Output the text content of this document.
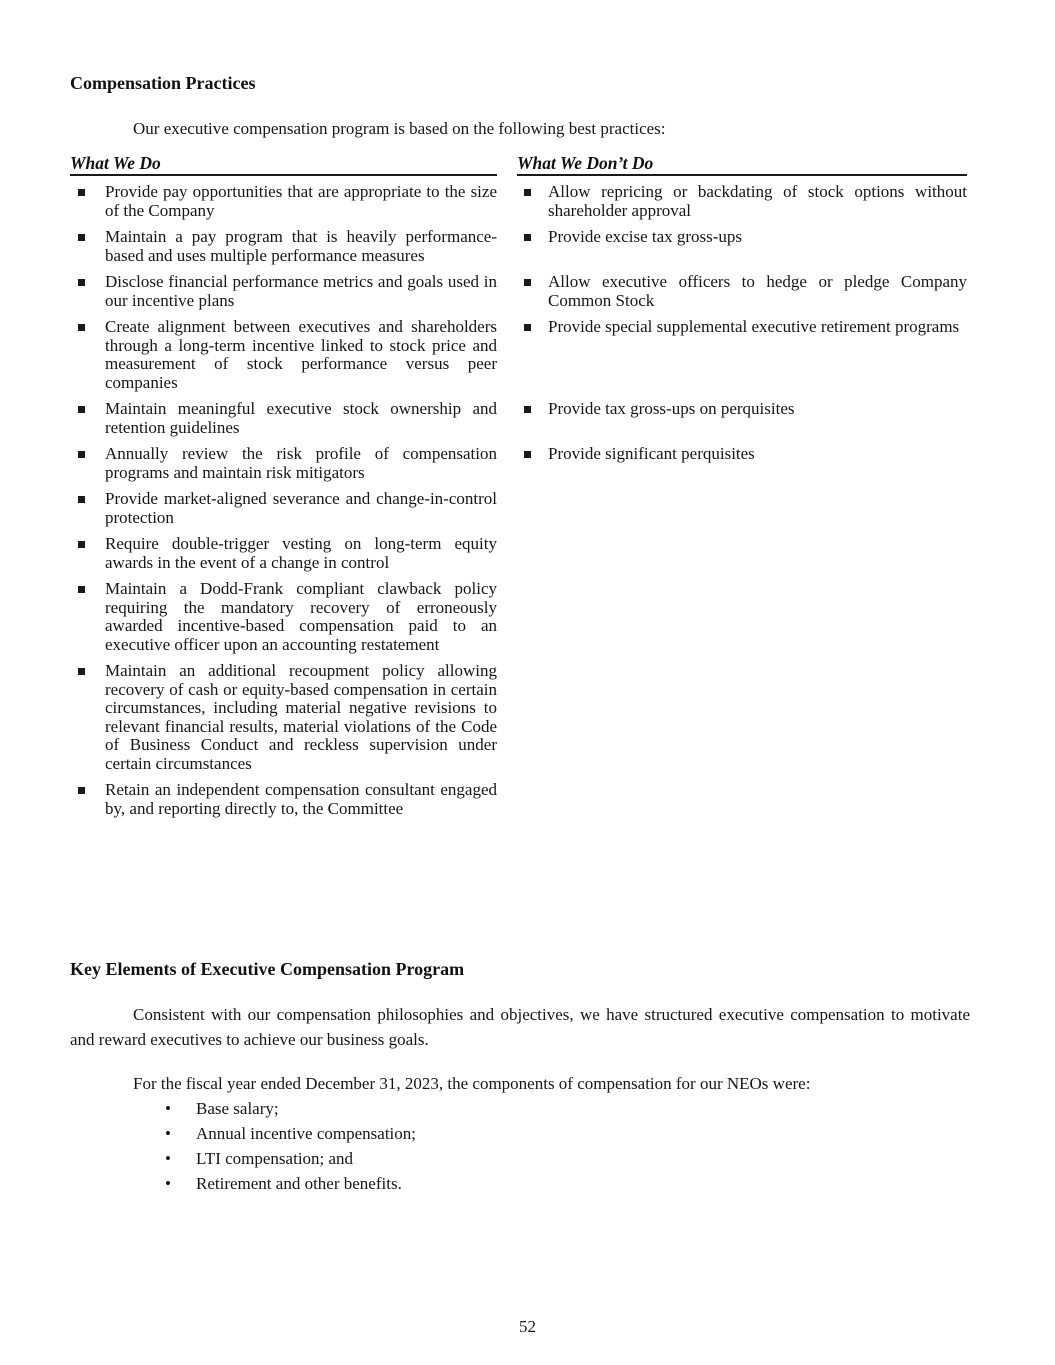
Compensation Practices

Our executive compensation program is based on the following best practices:

What We Do		What We Don’t Do

Provide pay opportunities that are appropriate to the size of the Company		Allow repricing or backdating of stock options without shareholder approval

Maintain a pay program that is heavily performance-based and uses multiple performance measures		Provide excise tax gross-ups

Disclose financial performance metrics and goals used in our incentive plans		Allow executive officers to hedge or pledge Company Common Stock

Create alignment between executives and shareholders through a long-term incentive linked to stock price and measurement of stock performance versus peer companies		Provide special supplemental executive retirement programs

Maintain meaningful executive stock ownership and retention guidelines		Provide tax gross-ups on perquisites

Annually review the risk profile of compensation programs and maintain risk mitigators		Provide significant perquisites

Provide market-aligned severance and change-in-control protection		

Require double-trigger vesting on long-term equity awards in the event of a change in control		

Maintain a Dodd-Frank compliant clawback policy requiring the mandatory recovery of erroneously awarded incentive-based compensation paid to an executive officer upon an accounting restatement		

Maintain an additional recoupment policy allowing recovery of cash or equity-based compensation in certain circumstances, including material negative revisions to relevant financial results, material violations of the Code of Business Conduct and reckless supervision under certain circumstances		

Retain an independent compensation consultant engaged by, and reporting directly to, the Committee		

Key Elements of Executive Compensation Program

Consistent with our compensation philosophies and objectives, we have structured executive compensation to motivate and reward executives to achieve our business goals.

For the fiscal year ended December 31, 2023, the components of compensation for our NEOs were:

• Base salary;
• Annual incentive compensation;
• LTI compensation; and
• Retirement and other benefits.
52
